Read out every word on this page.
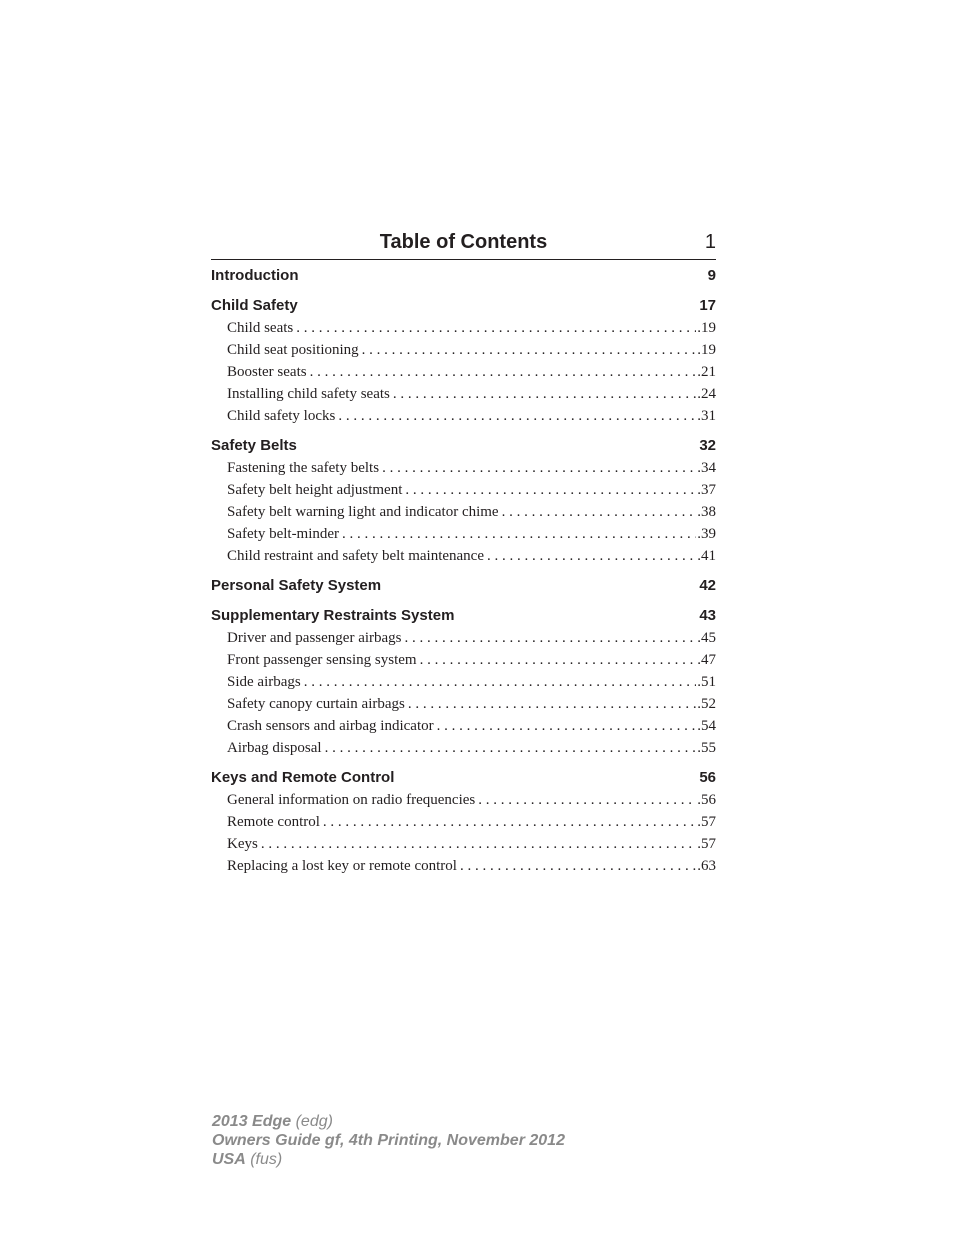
Table of Contents	1
Introduction	9
Child Safety	17
Child seats . . .	.19
Child seat positioning . . .	.19
Booster seats . . .	.21
Installing child safety seats . . .	.24
Child safety locks . . .	.31
Safety Belts	32
Fastening the safety belts . . .	.34
Safety belt height adjustment . . .	.37
Safety belt warning light and indicator chime . . .	.38
Safety belt-minder . . .	.39
Child restraint and safety belt maintenance . . .	.41
Personal Safety System	42
Supplementary Restraints System	43
Driver and passenger airbags . . .	.45
Front passenger sensing system . . .	.47
Side airbags . . .	.51
Safety canopy curtain airbags . . .	.52
Crash sensors and airbag indicator . . .	.54
Airbag disposal . . .	.55
Keys and Remote Control	56
General information on radio frequencies . . .	.56
Remote control . . .	.57
Keys . . .	.57
Replacing a lost key or remote control . . .	.63
2013 Edge (edg)
Owners Guide gf, 4th Printing, November 2012
USA (fus)
